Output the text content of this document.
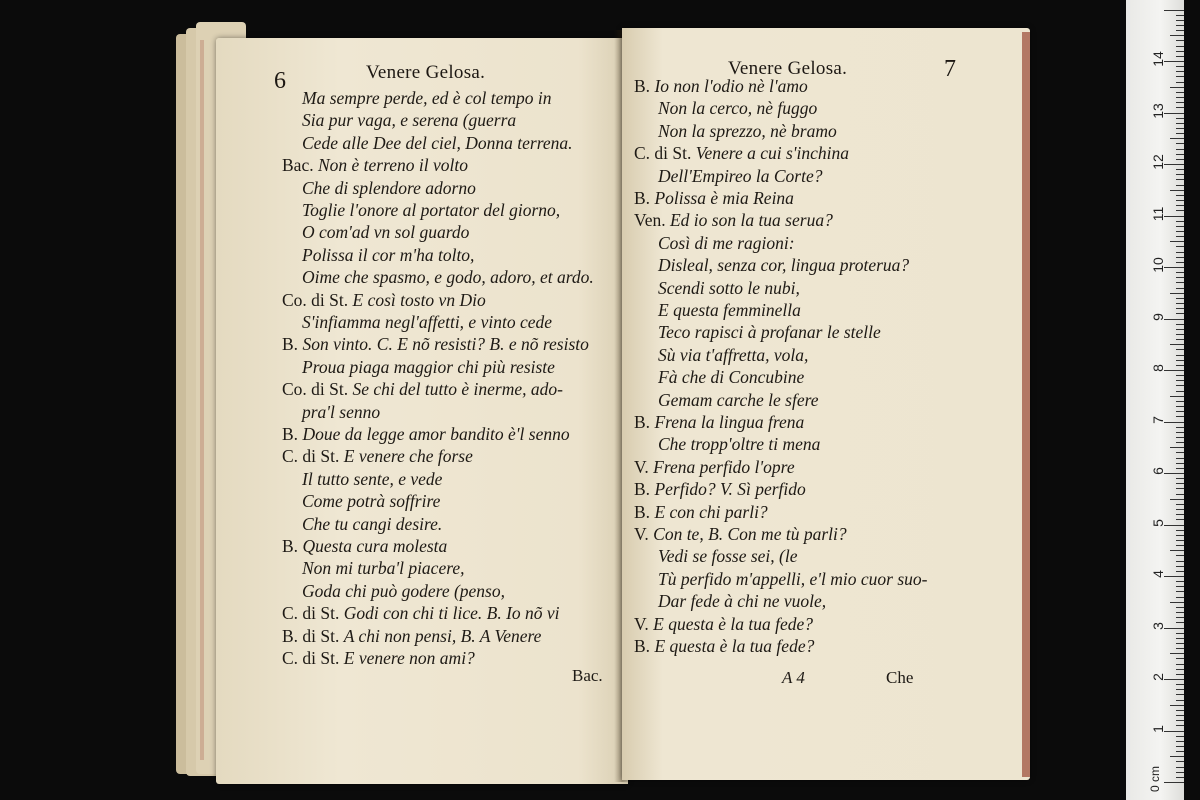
6	Venere Gelosa.
Ma sempre perde, ed è col tempo in
Sia pur vaga, e serena (guerra
Cede alle Dee del ciel, Donna terrena.
Bac. Non è terreno il volto
Che di splendore adorno
Toglie l'onore al portator del giorno,
O com'ad vn sol guardo
Polissa il cor m'ha tolto,
Oime che spasmo, e godo, adoro, et ardo.
Co. di St. E così tosto vn Dio
S'infiamma negl'affetti, e vinto cede
B. Son vinto. C. E nõ resisti? B. e nõ resisto
Proua piaga maggior chi più resiste
Co. di St. Se chi del tutto è inerme, ado-
pra'l senno
B. Doue da legge amor bandito è'l senno
C. di St. E venere che forse
Il tutto sente, e vede
Come potrà soffrire
Che tu cangi desire.
B. Questa cura molesta
Non mi turba'l piacere,
Goda chi può godere (penso,
C. di St. Godi con chi ti lice. B. Io nõ vi
B. di St. A chi non pensi, B. A Venere
C. di St. E venere non ami?
Bac.
Venere Gelosa.	7
B. Io non l'odio nè l'amo
Non la cerco, nè fuggo
Non la sprezzo, nè bramo
C. di St. Venere a cui s'inchina
Dell'Empireo la Corte?
B. Polissa è mia Reina
Ven. Ed io son la tua serua?
Così di me ragioni:
Disleal, senza cor, lingua proterua?
Scendi sotto le nubi,
E questa femminella
Teco rapisci à profanar le stelle
Sù via t'affretta, vola,
Fà che di Concubine
Gemam carche le sfere
B. Frena la lingua frena
Che tropp'oltre ti mena
V. Frena perfido l'opre
B. Perfido? V. Sì perfido
B. E con chi parli?
V. Con te, B. Con me tù parli?
Vedi se fosse sei, (le
Tù perfido m'appelli, e'l mio cuor suo-
Dar fede à chi ne vuole,
V. E questa è la tua fede?
B. E questa è la tua fede?
A 4	Che
0 cm
1
2
3
4
5
6
7
8
9
10
11
12
13
14
